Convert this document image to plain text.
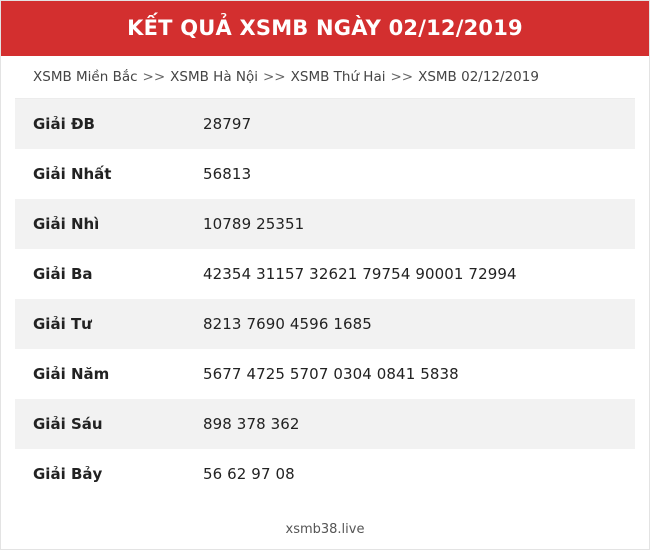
KẾT QUẢ XSMB NGÀY 02/12/2019
XSMB Miền Bắc >> XSMB Hà Nội >> XSMB Thứ Hai >> XSMB 02/12/2019
Giải ĐB	28797
Giải Nhất	56813
Giải Nhì	10789 25351
Giải Ba	42354 31157 32621 79754 90001 72994
Giải Tư	8213 7690 4596 1685
Giải Năm	5677 4725 5707 0304 0841 5838
Giải Sáu	898 378 362
Giải Bảy	56 62 97 08
xsmb38.live
